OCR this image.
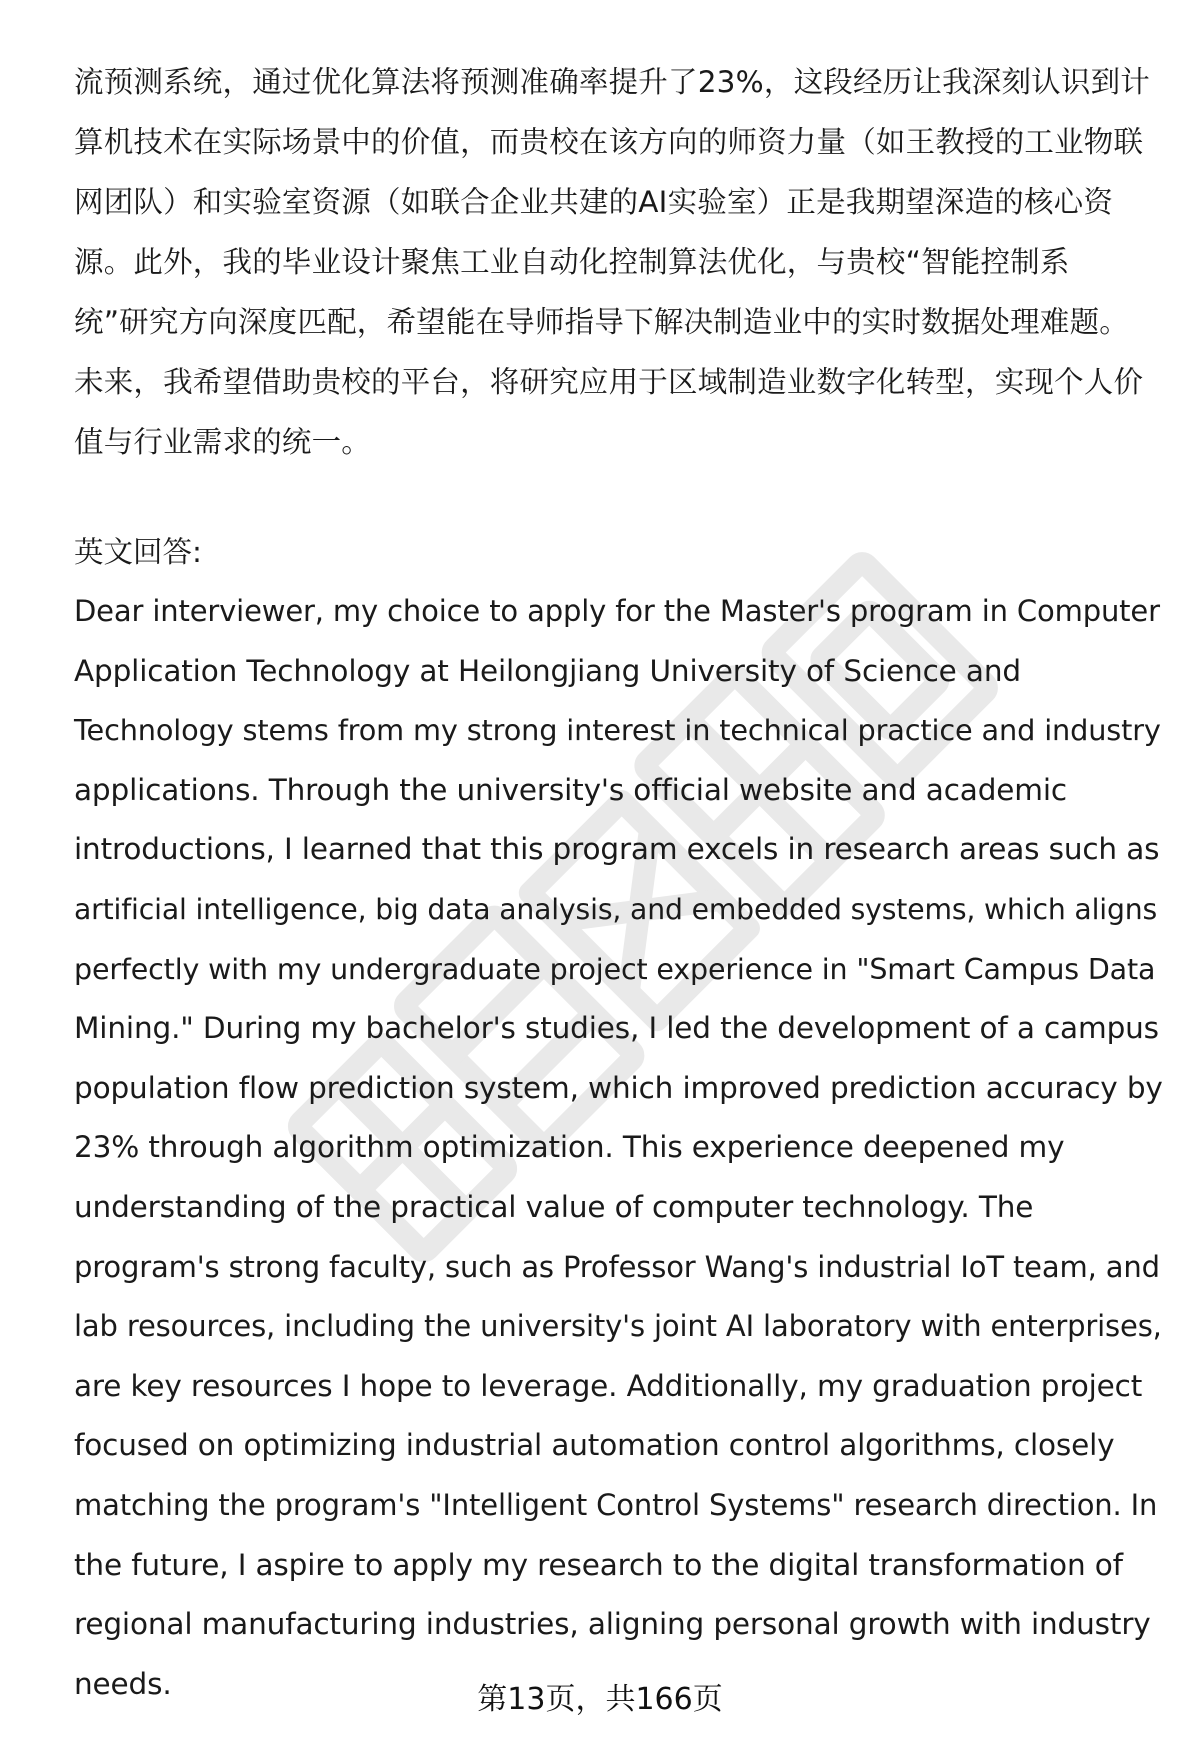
流预测系统，通过优化算法将预测准确率提升了23%，这段经历让我深刻认识到计
算机技术在实际场景中的价值，而贵校在该方向的师资力量（如王教授的工业物联
网团队）和实验室资源（如联合企业共建的AI实验室）正是我期望深造的核心资
源。此外，我的毕业设计聚焦工业自动化控制算法优化，与贵校“智能控制系
统”研究方向深度匹配，希望能在导师指导下解决制造业中的实时数据处理难题。
未来，我希望借助贵校的平台，将研究应用于区域制造业数字化转型，实现个人价
值与行业需求的统一。

英文回答:

Dear interviewer, my choice to apply for the Master's program in Computer
Application Technology at Heilongjiang University of Science and
Technology stems from my strong interest in technical practice and industry
applications. Through the university's official website and academic
introductions, I learned that this program excels in research areas such as
artificial intelligence, big data analysis, and embedded systems, which aligns
perfectly with my undergraduate project experience in "Smart Campus Data
Mining." During my bachelor's studies, I led the development of a campus
population flow prediction system, which improved prediction accuracy by
23% through algorithm optimization. This experience deepened my
understanding of the practical value of computer technology. The
program's strong faculty, such as Professor Wang's industrial IoT team, and
lab resources, including the university's joint AI laboratory with enterprises,
are key resources I hope to leverage. Additionally, my graduation project
focused on optimizing industrial automation control algorithms, closely
matching the program's "Intelligent Control Systems" research direction. In
the future, I aspire to apply my research to the digital transformation of
regional manufacturing industries, aligning personal growth with industry
needs.	第13页，共166页
